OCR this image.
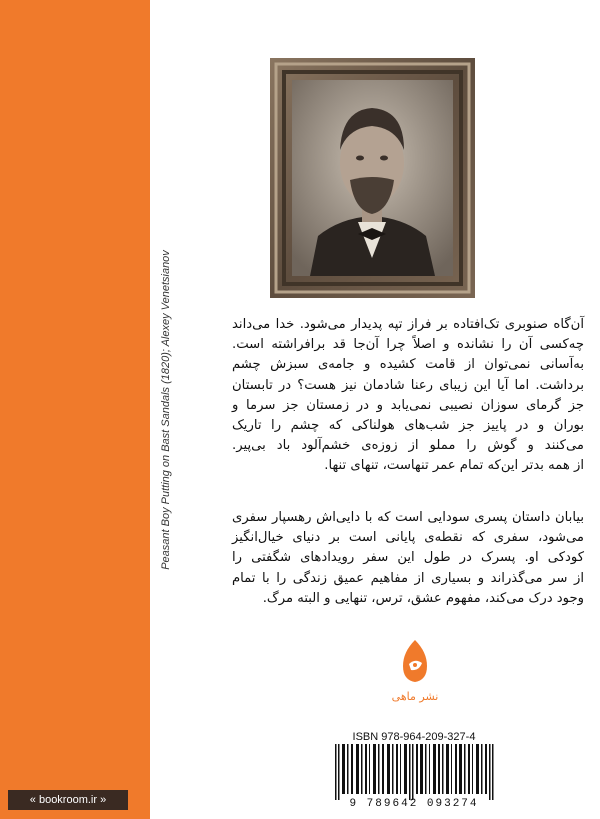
Peasant Boy Putting on Bast Sandals (1820); Alexey Venetsianov
« bookroom.ir »
آن‌گاه صنوبری تک‌افتاده بر فراز تپه پدیدار می‌شود. خدا می‌داند
چه‌کسی آن را نشانده و اصلاً چرا آن‌جا قد برافراشته است.
به‌آسانی نمی‌توان از قامت کشیده و جامه‌ی سبزش چشم
برداشت. اما آیا این زیبای رعنا شادمان نیز هست؟ در تابستان
جز گرمای سوزان نصیبی نمی‌یابد و در زمستان جز سرما و
بوران و در پاییز جز شب‌های هولناکی که چشم را تاریک
می‌کنند و گوش را مملو از زوزه‌ی خشم‌آلود باد بی‌پیر.
از همه بدتر این‌که تمام عمر تنهاست، تنهای تنها.
بیابان داستان پسری سودایی است که با دایی‌اش رهسپار سفری
می‌شود، سفری که نقطه‌ی پایانی است بر دنیای خیال‌انگیز
کودکی او. پسرک در طول این سفر رویدادهای شگفتی را
از سر می‌گذراند و بسیاری از مفاهیم عمیق زندگی را با تمام
وجود درک می‌کند، مفهوم عشق، ترس، تنهایی و البته مرگ.
نشر ماهی
ISBN 978-964-209-327-4
9 789642 093274
